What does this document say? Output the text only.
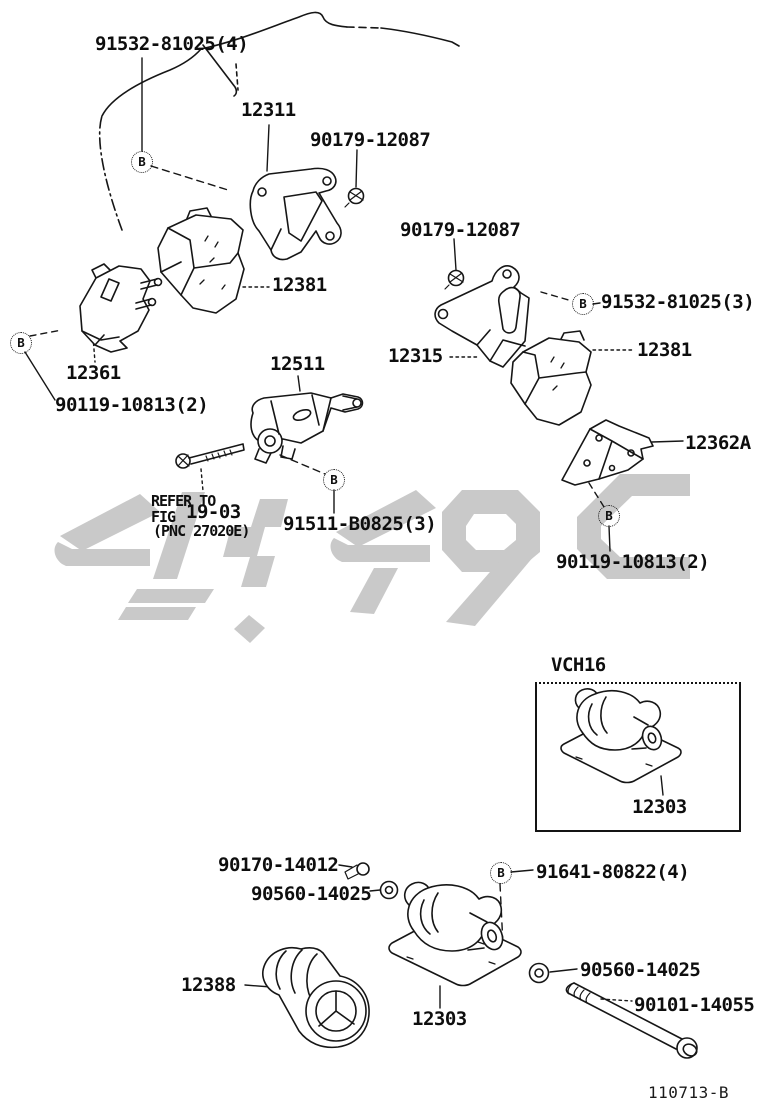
B
B
B
B
B
B
91532-81025(4)
12311
90179-12087
90179-12087
91532-81025(3)
12381
12315	12381
12362A
12361
90119-10813(2)
12511
REFER TO
FIG 19-03
(PNC 27020E) 91511-B0825(3)
90119-10813(2)
VCH16
12303
90170-14012
90560-14025
91641-80822(4)
12388
12303
90560-14025
90101-14055
110713-B
